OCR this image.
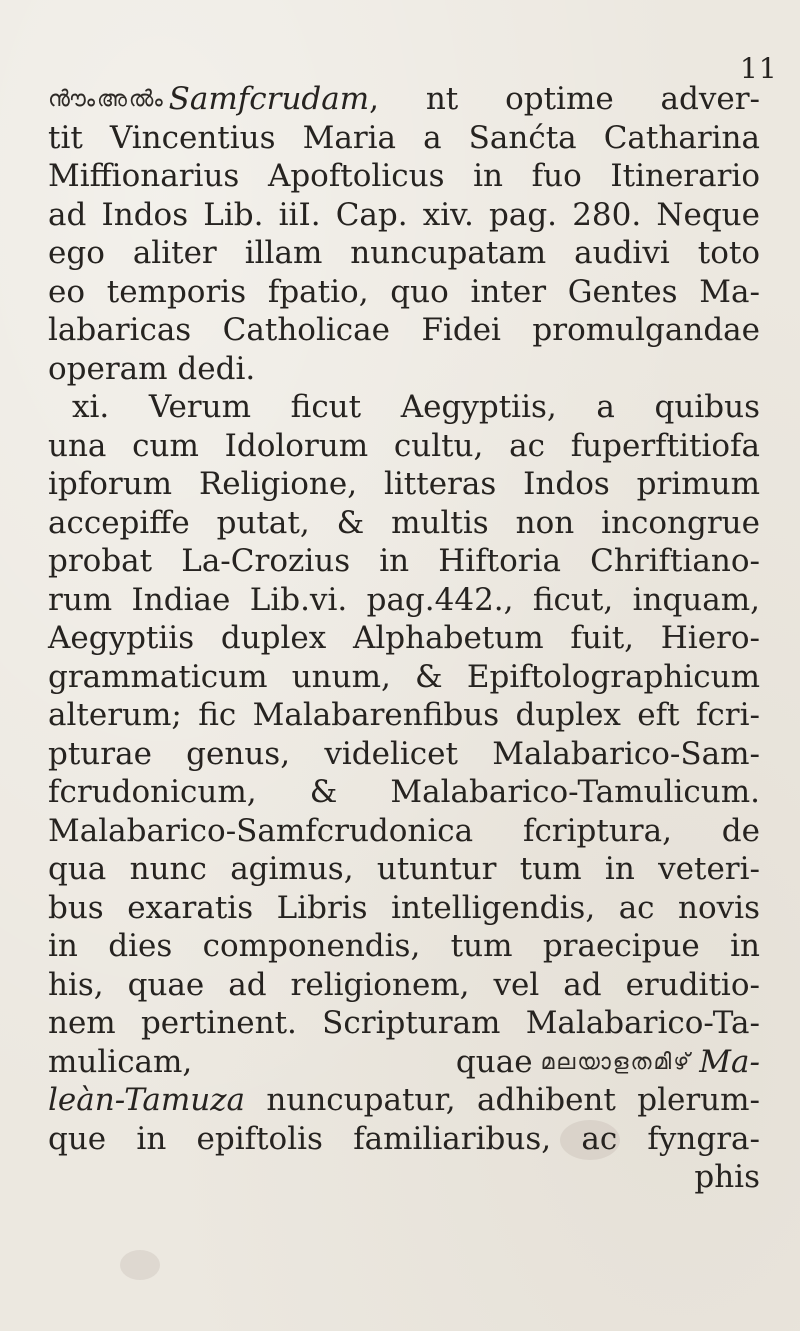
11
ൻൗംഅൽം Samfcrudam, nt optime adver-
tit Vincentius Maria a Sanćta Catharina
Miffionarius Apoftolicus in fuo Itinerario
ad Indos Lib. iiI. Cap. xiv. pag. 280. Neque
ego aliter illam nuncupatam audivi toto
eo temporis fpatio, quo inter Gentes Ma-
labaricas Catholicae Fidei promulgandae
operam dedi.
xi. Verum ficut Aegyptiis, a quibus
una cum Idolorum cultu, ac fuperftitiofa
ipforum Religione, litteras Indos primum
accepiffe putat, & multis non incongrue
probat La-Crozius in Hiftoria Chriftiano-
rum Indiae Lib.vi. pag.442., ficut, inquam,
Aegyptiis duplex Alphabetum fuit, Hiero-
grammaticum unum, & Epiftolographicum
alterum; fic Malabarenfibus duplex eft fcri-
pturae genus, videlicet Malabarico-Sam-
fcrudonicum, & Malabarico-Tamulicum.
Malabarico-Samfcrudonica fcriptura, de
qua nunc agimus, utuntur tum in veteri-
bus exaratis Libris intelligendis, ac novis
in dies componendis, tum praecipue in
his, quae ad religionem, vel ad eruditio-
nem pertinent. Scripturam Malabarico-Ta-
mulicam, quae മലയാളതമിഴ് Ma-
leàn-Tamuza nuncupatur, adhibent plerum-
que in epiftolis familiaribus, ac fyngra-
phis
